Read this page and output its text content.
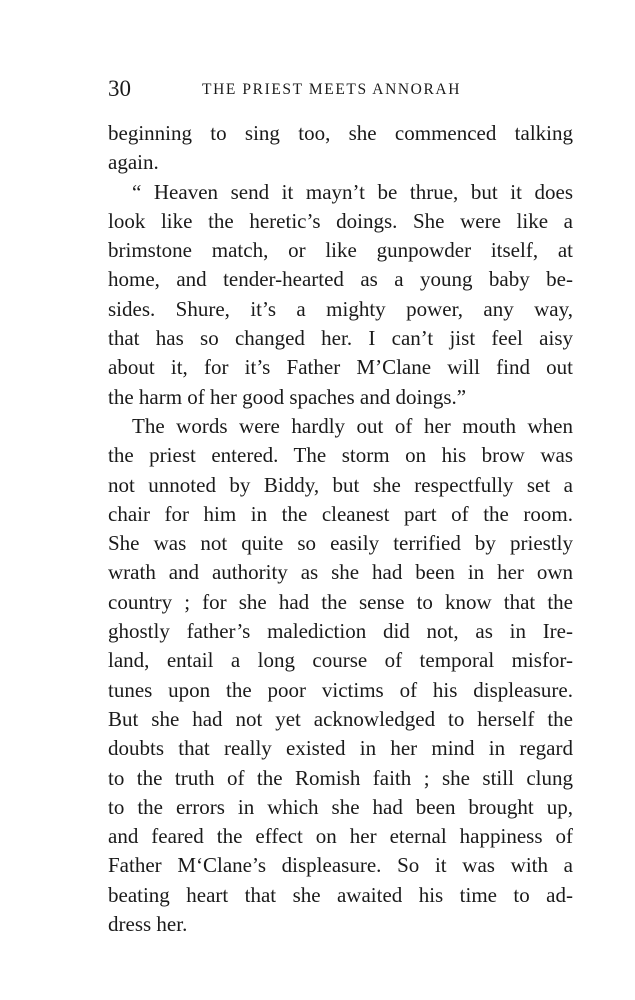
30	THE PRIEST MEETS ANNORAH
beginning to sing too, she commenced talking
again.
“ Heaven send it mayn’t be thrue, but it does
look like the heretic’s doings. She were like a
brimstone match, or like gunpowder itself, at
home, and tender-hearted as a young baby be-
sides. Shure, it’s a mighty power, any way,
that has so changed her. I can’t jist feel aisy
about it, for it’s Father M’Clane will find out
the harm of her good spaches and doings.”
The words were hardly out of her mouth when
the priest entered. The storm on his brow was
not unnoted by Biddy, but she respectfully set a
chair for him in the cleanest part of the room.
She was not quite so easily terrified by priestly
wrath and authority as she had been in her own
country ; for she had the sense to know that the
ghostly father’s malediction did not, as in Ire-
land, entail a long course of temporal misfor-
tunes upon the poor victims of his displeasure.
But she had not yet acknowledged to herself the
doubts that really existed in her mind in regard
to the truth of the Romish faith ; she still clung
to the errors in which she had been brought up,
and feared the effect on her eternal happiness of
Father M‘Clane’s displeasure. So it was with a
beating heart that she awaited his time to ad-
dress her.
